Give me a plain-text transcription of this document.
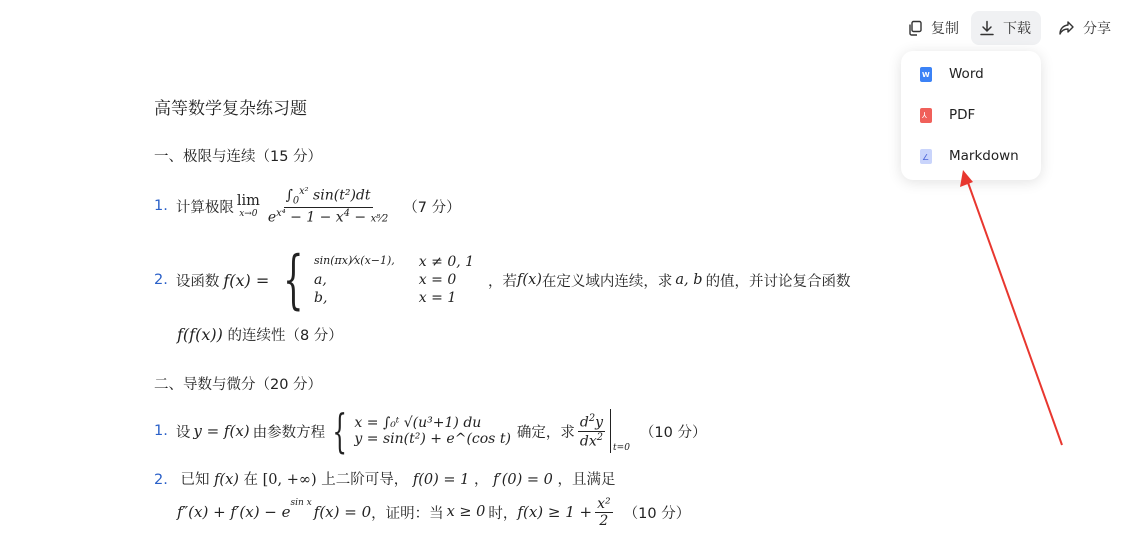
复制	下载	分享
W Word
⅄ PDF
∠ Markdown
高等数学复杂练习题
一、极限与连续（15 分）
1. 计算极限 lim
$x\to 0 \frac{\int_0^{x^2} \sin(t^2)dt}{e^{x^4} - 1 - x^4 - x^8⁄2} (7$ 分）
2. 设函数 f(x) = { sin(πx)⁄x(x−1), x ≠ 0, 1
a,	x = 0
b,	x = 1
，若 f(x) 在定义域内连续，求 a, b 的值，并讨论复合函数
f(f(x)) 的连续性（8 分）
二、导数与微分（20 分）
1. 设 y = f(x) 由参数方程 { x = ∫₀ᵗ √(u³+1) du
y = sin(t²) + e^(cos t) 确定，求 $\frac{d^2y}{dx^2} t=0$
（10 分）
2. 已知 f(x) 在 [0, +∞) 上二阶可导， f(0) = 1 ， f′(0) = 0 ，且满足
$f''(x) + f'(x) - e^{sin x}$ f(x) = 0 ，证明：当 x ≥ 0 时， $f(x) \ge 1 + \frac{\text{x²}}{2} (10$ 分）
